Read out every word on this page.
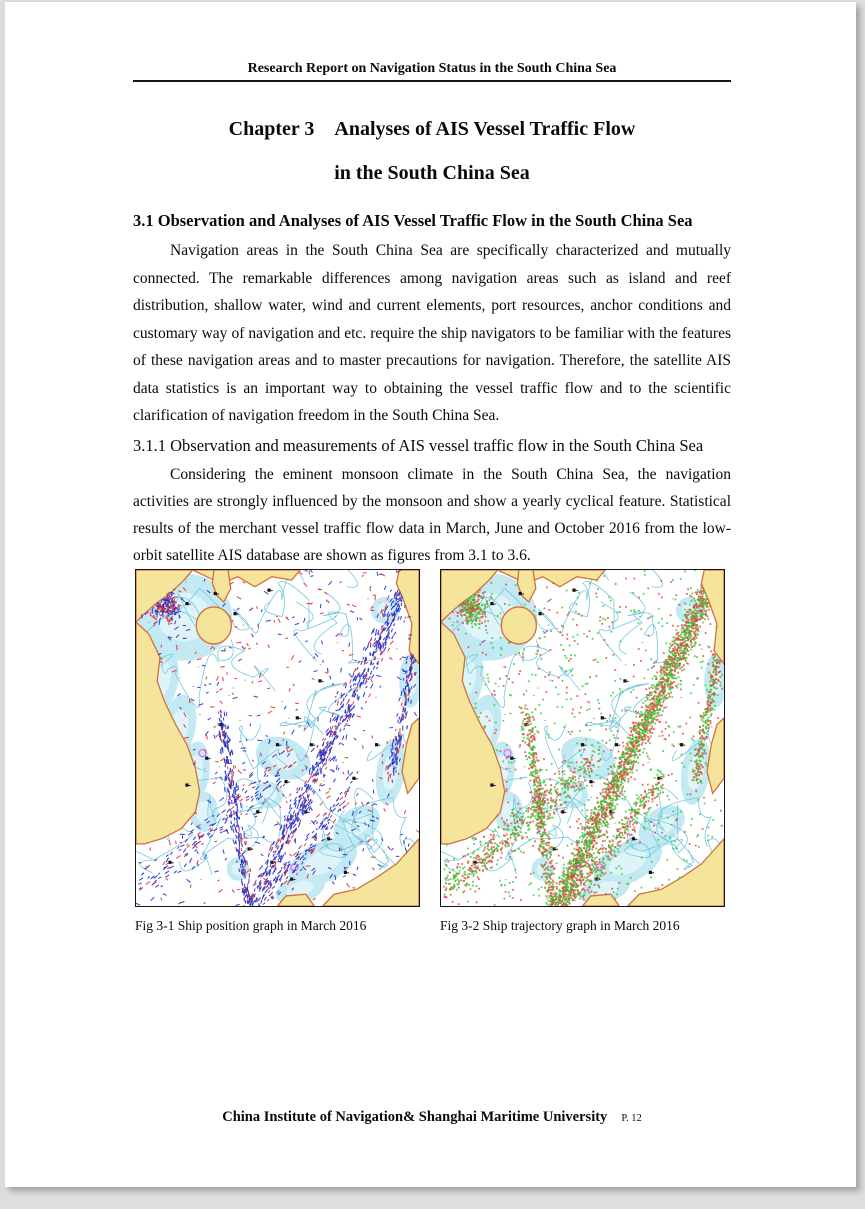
Research Report on Navigation Status in the South China Sea
Chapter 3 Analyses of AIS Vessel Traffic Flow
in the South China Sea
3.1 Observation and Analyses of AIS Vessel Traffic Flow in the South China Sea

Navigation areas in the South China Sea are specifically characterized and mutually connected. The remarkable differences among navigation areas such as island and reef distribution, shallow water, wind and current elements, port resources, anchor conditions and customary way of navigation and etc. require the ship navigators to be familiar with the features of these navigation areas and to master precautions for navigation. Therefore, the satellite AIS data statistics is an important way to obtaining the vessel traffic flow and to the scientific clarification of navigation freedom in the South China Sea.

3.1.1 Observation and measurements of AIS vessel traffic flow in the South China Sea

Considering the eminent monsoon climate in the South China Sea, the navigation activities are strongly influenced by the monsoon and show a yearly cyclical feature. Statistical results of the merchant vessel traffic flow data in March, June and October 2016 from the low-orbit satellite AIS database are shown as figures from 3.1 to 3.6.

Fig 3-1 Ship position graph in March 2016	Fig 3-2 Ship trajectory graph in March 2016
China Institute of Navigation& Shanghai Maritime University P. 12
